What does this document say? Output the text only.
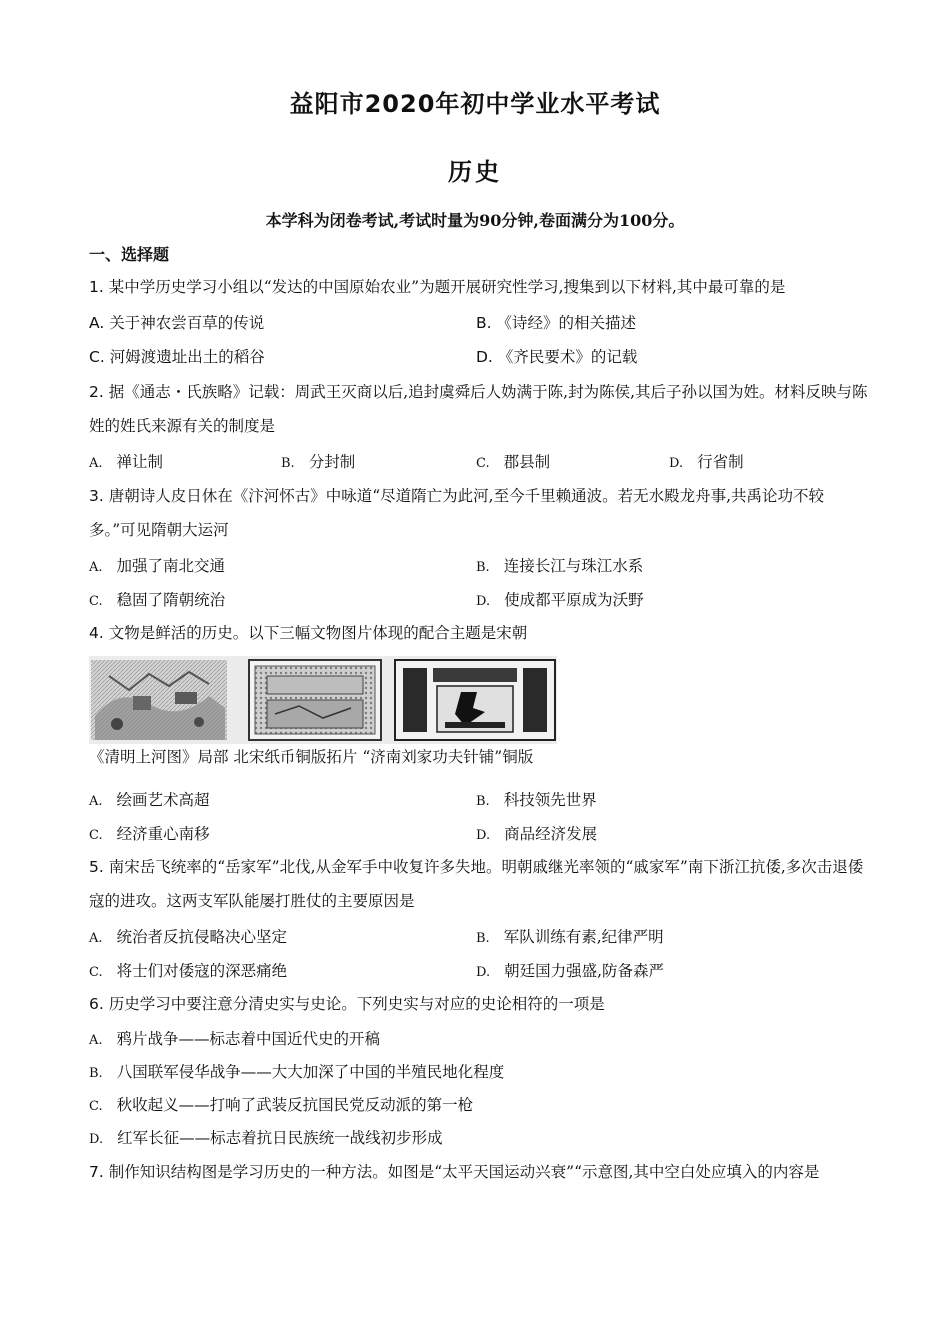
益阳市2020年初中学业水平考试
历史
本学科为闭卷考试,考试时量为90分钟,卷面满分为100分。
一、选择题
1. 某中学历史学习小组以“发达的中国原始农业”为题开展研究性学习,搜集到以下材料,其中最可靠的是
A. 关于神农尝百草的传说	B. 《诗经》的相关描述
C. 河姆渡遗址出土的稻谷	D. 《齐民要术》的记载
2. 据《通志・氏族略》记载：周武王灭商以后,追封虞舜后人妫满于陈,封为陈侯,其后子孙以国为姓。材料反映与陈姓的姓氏来源有关的制度是
A. 禅让制	B. 分封制	C. 郡县制	D. 行省制
3. 唐朝诗人皮日休在《汴河怀古》中咏道“尽道隋亡为此河,至今千里赖通波。若无水殿龙舟事,共禹论功不较多。”可见隋朝大运河
A. 加强了南北交通	B. 连接长江与珠江水系
C. 稳固了隋朝统治	D. 使成都平原成为沃野
4. 文物是鲜活的历史。以下三幅文物图片体现的配合主题是宋朝
《清明上河图》局部 北宋纸币铜版拓片 “济南刘家功夫针铺”铜版
A. 绘画艺术高超	B. 科技领先世界
C. 经济重心南移	D. 商品经济发展
5. 南宋岳飞统率的“岳家军”北伐,从金军手中收复许多失地。明朝戚继光率领的“戚家军”南下浙江抗倭,多次击退倭寇的进攻。这两支军队能屡打胜仗的主要原因是
A. 统治者反抗侵略决心坚定	B. 军队训练有素,纪律严明
C. 将士们对倭寇的深恶痛绝	D. 朝廷国力强盛,防备森严
6. 历史学习中要注意分清史实与史论。下列史实与对应的史论相符的一项是
A. 鸦片战争——标志着中国近代史的开稿
B. 八国联军侵华战争——大大加深了中国的半殖民地化程度
C. 秋收起义——打响了武装反抗国民党反动派的第一枪
D. 红军长征——标志着抗日民族统一战线初步形成
7. 制作知识结构图是学习历史的一种方法。如图是“太平天国运动兴衰”“示意图,其中空白处应填入的内容是
